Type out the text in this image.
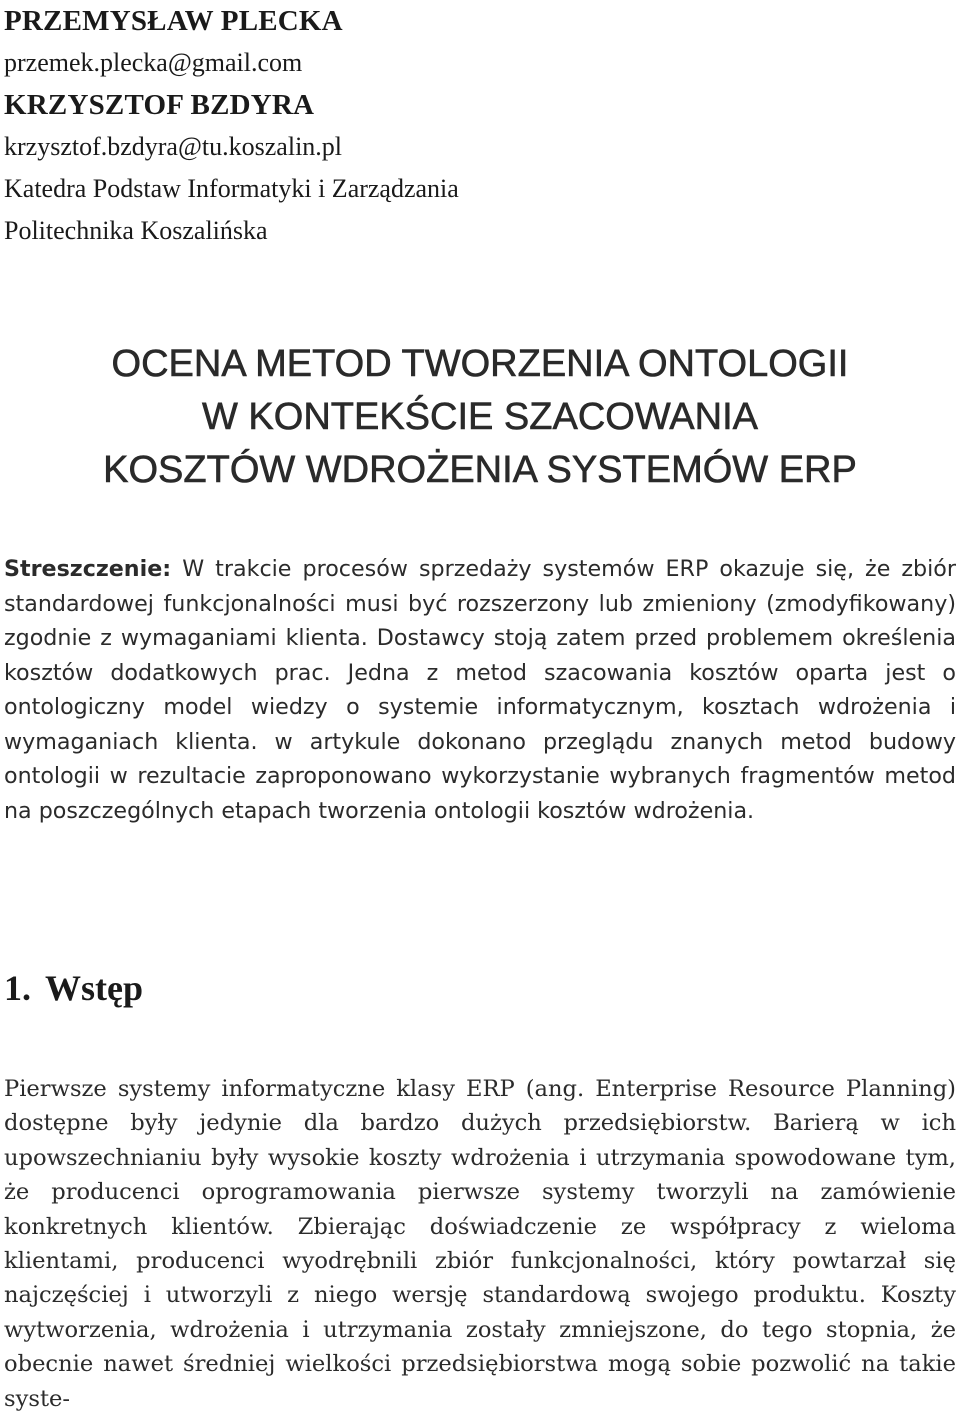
PRZEMYSŁAW PLECKA
przemek.plecka@gmail.com
KRZYSZTOF BZDYRA
krzysztof.bzdyra@tu.koszalin.pl
Katedra Podstaw Informatyki i Zarządzania
Politechnika Koszalińska
OCENA METOD TWORZENIA ONTOLOGII
W KONTEKŚCIE SZACOWANIA
KOSZTÓW WDROŻENIA SYSTEMÓW ERP
Streszczenie: W trakcie procesów sprzedaży systemów ERP okazuje się, że zbiór standardowej funkcjonalności musi być rozszerzony lub zmieniony (zmodyfikowany) zgodnie z wymaganiami klienta. Dostawcy stoją zatem przed problemem określenia kosztów dodatkowych prac. Jedna z metod szacowania kosztów oparta jest o ontologiczny model wiedzy o systemie informatycznym, kosztach wdrożenia i wymaganiach klienta. w artykule dokonano przeglądu znanych metod budowy ontologii w rezultacie zaproponowano wykorzystanie wybranych fragmentów metod na poszczególnych etapach tworzenia ontologii kosztów wdrożenia.
1. Wstęp
Pierwsze systemy informatyczne klasy ERP (ang. Enterprise Resource Planning) dostępne były jedynie dla bardzo dużych przedsiębiorstw. Barierą w ich upowszechnianiu były wysokie koszty wdrożenia i utrzymania spowodowane tym, że producenci oprogramowania pierwsze systemy tworzyli na zamówienie konkretnych klientów. Zbierając doświadczenie ze współpracy z wieloma klientami, producenci wyodrębnili zbiór funkcjonalności, który powtarzał się najczęściej i utworzyli z niego wersję standardową swojego produktu. Koszty wytworzenia, wdrożenia i utrzymania zostały zmniejszone, do tego stopnia, że obecnie nawet średniej wielkości przedsiębiorstwa mogą sobie pozwolić na takie syste-
